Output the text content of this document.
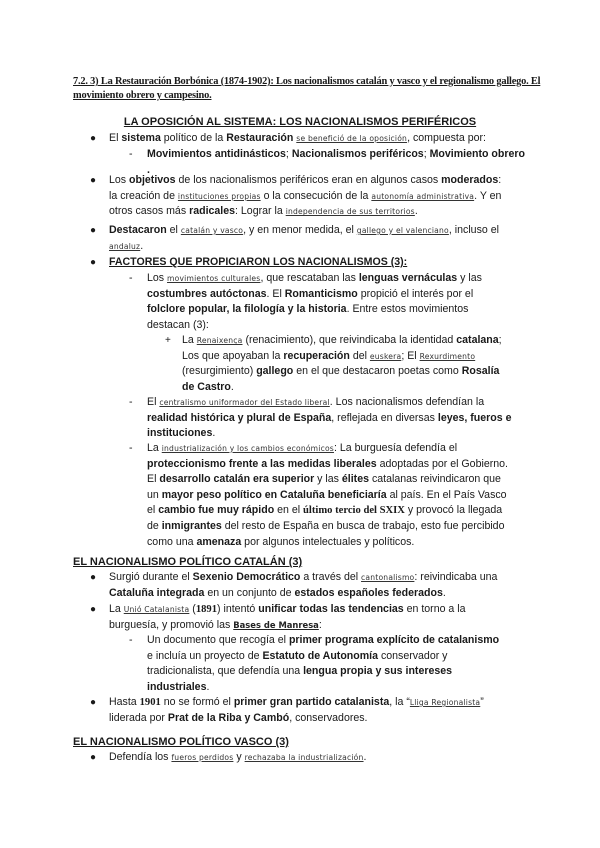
7.2. 3) La Restauración Borbónica (1874-1902): Los nacionalismos catalán y vasco y el regionalismo gallego. El movimiento obrero y campesino.
LA OPOSICIÓN AL SISTEMA: LOS NACIONALISMOS PERIFÉRICOS
● El sistema político de la Restauración se benefició de la oposición, compuesta por:
- Movimientos antidinásticos; Nacionalismos periféricos; Movimiento obrero
.
● Los objetivos de los nacionalismos periféricos eran en algunos casos moderados:
la creación de instituciones propias o la consecución de la autonomía administrativa. Y en
otros casos más radicales: Lograr la independencia de sus territorios.
● Destacaron el catalán y vasco, y en menor medida, el gallego y el valenciano, incluso el
andaluz.
● FACTORES QUE PROPICIARON LOS NACIONALISMOS (3):
- Los movimientos culturales, que rescataban las lenguas vernáculas y las
costumbres autóctonas. El Romanticismo propició el interés por el
folclore popular, la filología y la historia. Entre estos movimientos
destacan (3):
+ La Renaixença (renacimiento), que reivindicaba la identidad catalana;
Los que apoyaban la recuperación del euskera; El Rexurdimento
(resurgimiento) gallego en el que destacaron poetas como Rosalía
de Castro.
- El centralismo uniformador del Estado liberal. Los nacionalismos defendían la
realidad histórica y plural de España, reflejada en diversas leyes, fueros e
instituciones.
- La industrialización y los cambios económicos: La burguesía defendía el
proteccionismo frente a las medidas liberales adoptadas por el Gobierno.
El desarrollo catalán era superior y las élites catalanas reivindicaron que
un mayor peso político en Cataluña beneficiaría al país. En el País Vasco
el cambio fue muy rápido en el último tercio del SXIX y provocó la llegada
de inmigrantes del resto de España en busca de trabajo, esto fue percibido
como una amenaza por algunos intelectuales y políticos.
EL NACIONALISMO POLÍTICO CATALÁN (3)
● Surgió durante el Sexenio Democrático a través del cantonalismo: reivindicaba una
Cataluña integrada en un conjunto de estados españoles federados.
● La Unió Catalanista (1891) intentó unificar todas las tendencias en torno a la
burguesía, y promovió las Bases de Manresa:
- Un documento que recogía el primer programa explícito de catalanismo
e incluía un proyecto de Estatuto de Autonomía conservador y
tradicionalista, que defendía una lengua propia y sus intereses
industriales.
● Hasta 1901 no se formó el primer gran partido catalanista, la “Lliga Regionalista”
liderada por Prat de la Riba y Cambó, conservadores.
EL NACIONALISMO POLÍTICO VASCO (3)
● Defendía los fueros perdidos y rechazaba la industrialización.
